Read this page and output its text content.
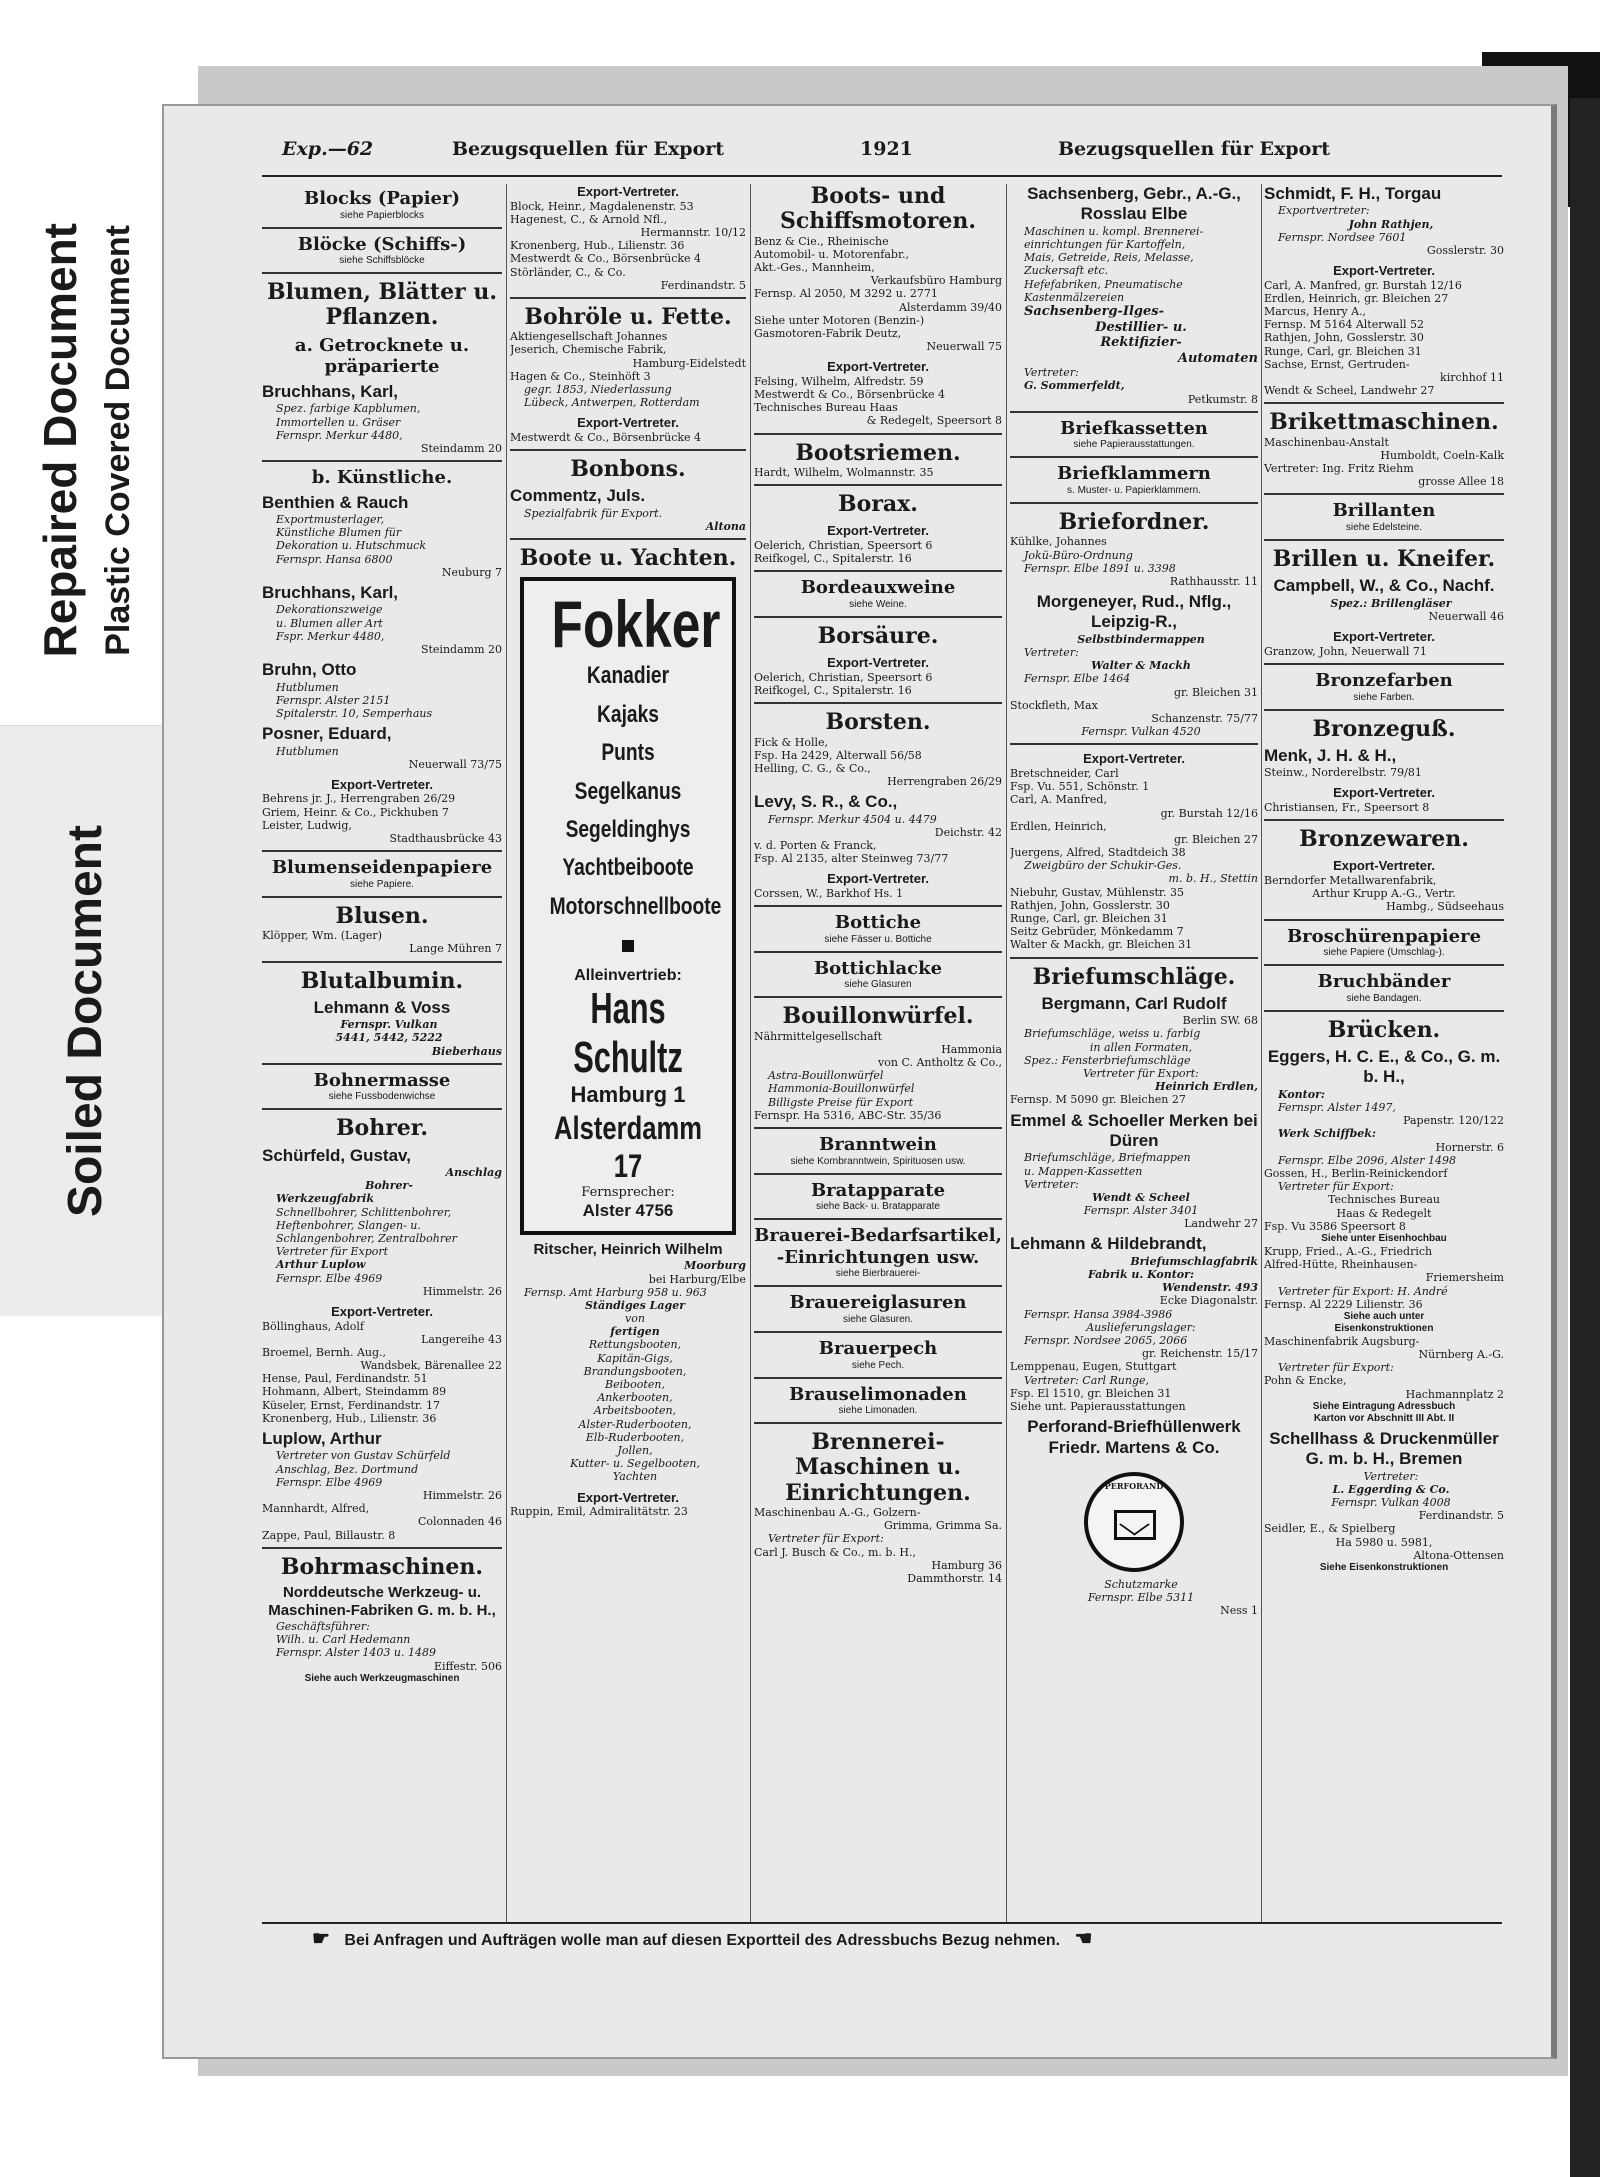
Repaired Document Plastic Covered Document
Soiled Document
Exp.—62	Bezugsquellen für Export	1921	Bezugsquellen für Export
Blocks (Papier)
siehe Papierblocks
Blöcke (Schiffs-)
siehe Schiffsblöcke
Blumen, Blätter u. Pflanzen.
a. Getrocknete u. präparierte
Bruchhans, Karl,
Spez. farbige Kapblumen,
Immortellen u. Gräser
Fernspr. Merkur 4480,
Steindamm 20
b. Künstliche.
Benthien & Rauch
Exportmusterlager,
Künstliche Blumen für
Dekoration u. Hutschmuck
Fernspr. Hansa 6800
Neuburg 7
Bruchhans, Karl,
Dekorationszweige
u. Blumen aller Art
Fspr. Merkur 4480,
Steindamm 20
Bruhn, Otto
Hutblumen
Fernspr. Alster 2151
Spitalerstr. 10, Semperhaus
Posner, Eduard,
Hutblumen
Neuerwall 73/75
Export-Vertreter.
Behrens jr. J., Herrengraben 26/29
Griem, Heinr. & Co., Pickhuben 7
Leister, Ludwig,
Stadthausbrücke 43
Blumenseidenpapiere
siehe Papiere.
Blusen.
Klöpper, Wm. (Lager)
Lange Mühren 7
Blutalbumin.
Lehmann & Voss
Fernspr. Vulkan
5441, 5442, 5222
Bieberhaus
Bohnermasse
siehe Fussbodenwichse
Bohrer.
Schürfeld, Gustav,
Anschlag
Bohrer-
Werkzeugfabrik
Schnellbohrer, Schlittenbohrer,
Heftenbohrer, Slangen- u.
Schlangenbohrer, Zentralbohrer
Vertreter für Export
Arthur Luplow
Fernspr. Elbe 4969
Himmelstr. 26
Export-Vertreter.
Böllinghaus, Adolf
Langereihe 43
Broemel, Bernh. Aug.,
Wandsbek, Bärenallee 22
Hense, Paul, Ferdinandstr. 51
Hohmann, Albert, Steindamm 89
Küseler, Ernst, Ferdinandstr. 17
Kronenberg, Hub., Lilienstr. 36
Luplow, Arthur
Vertreter von Gustav Schürfeld
Anschlag, Bez. Dortmund
Fernspr. Elbe 4969
Himmelstr. 26
Mannhardt, Alfred,
Colonnaden 46
Zappe, Paul, Billaustr. 8
Bohrmaschinen.
Norddeutsche Werkzeug- u. Maschinen-Fabriken G. m. b. H.,
Geschäftsführer:
Wilh. u. Carl Hedemann
Fernspr. Alster 1403 u. 1489
Eiffestr. 506
Siehe auch Werkzeugmaschinen
Export-Vertreter.
Block, Heinr., Magdalenenstr. 53
Hagenest, C., & Arnold Nfl.,
Hermannstr. 10/12
Kronenberg, Hub., Lilienstr. 36
Mestwerdt & Co., Börsenbrücke 4
Störländer, C., & Co.
Ferdinandstr. 5
Bohröle u. Fette.
Aktiengesellschaft Johannes
Jeserich, Chemische Fabrik,
Hamburg-Eidelstedt
Hagen & Co., Steinhöft 3
gegr. 1853, Niederlassung
Lübeck, Antwerpen, Rotterdam
Export-Vertreter.
Mestwerdt & Co., Börsenbrücke 4
Bonbons.
Commentz, Juls.
Spezialfabrik für Export.
Altona
Boote u. Yachten.
Fokker
Kanadier
Kajaks
Punts
Segelkanus
Segeldinghys
Yachtbeiboote
Motorschnellboote
Alleinvertrieb:
Hans Schultz
Hamburg 1
Alsterdamm 17
Fernsprecher:
Alster 4756
Ritscher, Heinrich Wilhelm
Moorburg
bei Harburg/Elbe
Fernsp. Amt Harburg 958 u. 963
Ständiges Lager
von
fertigen
Rettungsbooten,
Kapitän-Gigs,
Brandungsbooten,
Beibooten,
Ankerbooten,
Arbeitsbooten,
Alster-Ruderbooten,
Elb-Ruderbooten,
Jollen,
Kutter- u. Segelbooten,
Yachten
Export-Vertreter.
Ruppin, Emil, Admiralitätstr. 23
Boots- und Schiffsmotoren.
Benz & Cie., Rheinische
Automobil- u. Motorenfabr.,
Akt.-Ges., Mannheim,
Verkaufsbüro Hamburg
Fernsp. Al 2050, M 3292 u. 2771
Alsterdamm 39/40
Siehe unter Motoren (Benzin-)
Gasmotoren-Fabrik Deutz,
Neuerwall 75
Export-Vertreter.
Felsing, Wilhelm, Alfredstr. 59
Mestwerdt & Co., Börsenbrücke 4
Technisches Bureau Haas
& Redegelt, Speersort 8
Bootsriemen.
Hardt, Wilhelm, Wolmannstr. 35
Borax.
Export-Vertreter.
Oelerich, Christian, Speersort 6
Reifkogel, C., Spitalerstr. 16
Bordeauxweine
siehe Weine.
Borsäure.
Export-Vertreter.
Oelerich, Christian, Speersort 6
Reifkogel, C., Spitalerstr. 16
Borsten.
Fick & Holle,
Fsp. Ha 2429, Alterwall 56/58
Helling, C. G., & Co.,
Herrengraben 26/29
Levy, S. R., & Co.,
Fernspr. Merkur 4504 u. 4479
Deichstr. 42
v. d. Porten & Franck,
Fsp. Al 2135, alter Steinweg 73/77
Export-Vertreter.
Corssen, W., Barkhof Hs. 1
Bottiche
siehe Fässer u. Bottiche
Bottichlacke
siehe Glasuren
Bouillonwürfel.
Nährmittelgesellschaft
Hammonia
von C. Antholtz & Co.,
Astra-Bouillonwürfel
Hammonia-Bouillonwürfel
Billigste Preise für Export
Fernspr. Ha 5316, ABC-Str. 35/36
Branntwein
siehe Kornbranntwein, Spirituosen usw.
Bratapparate
siehe Back- u. Bratapparate
Brauerei-Bedarfsartikel, -Einrichtungen usw.
siehe Bierbrauerei-
Brauereiglasuren
siehe Glasuren.
Brauerpech
siehe Pech.
Brauselimonaden
siehe Limonaden.
Brennerei-Maschinen u. Einrichtungen.
Maschinenbau A.-G., Golzern-
Grimma, Grimma Sa.
Vertreter für Export:
Carl J. Busch & Co., m. b. H.,
Hamburg 36
Dammthorstr. 14
Sachsenberg, Gebr., A.-G., Rosslau Elbe
Maschinen u. kompl. Brennerei-
einrichtungen für Kartoffeln,
Mais, Getreide, Reis, Melasse,
Zuckersaft etc.
Hefefabriken, Pneumatische
Kastenmälzereien
Sachsenberg-Ilges-
Destillier- u.
Rektifizier-
Automaten
Vertreter:
G. Sommerfeldt,
Petkumstr. 8
Briefkassetten
siehe Papierausstattungen.
Briefklammern
s. Muster- u. Papierklammern.
Briefordner.
Kühlke, Johannes
Jokü-Büro-Ordnung
Fernspr. Elbe 1891 u. 3398
Rathhausstr. 11
Morgeneyer, Rud., Nflg., Leipzig-R.,
Selbstbindermappen
Vertreter:
Walter & Mackh
Fernspr. Elbe 1464
gr. Bleichen 31
Stockfleth, Max
Schanzenstr. 75/77
Fernspr. Vulkan 4520
Export-Vertreter.
Bretschneider, Carl
Fsp. Vu. 551, Schönstr. 1
Carl, A. Manfred,
gr. Burstah 12/16
Erdlen, Heinrich,
gr. Bleichen 27
Juergens, Alfred, Stadtdeich 38
Zweigbüro der Schukir-Ges.
m. b. H., Stettin
Niebuhr, Gustav, Mühlenstr. 35
Rathjen, John, Gosslerstr. 30
Runge, Carl, gr. Bleichen 31
Seitz Gebrüder, Mönkedamm 7
Walter & Mackh, gr. Bleichen 31
Briefumschläge.
Bergmann, Carl Rudolf
Berlin SW. 68
Briefumschläge, weiss u. farbig
in allen Formaten,
Spez.: Fensterbriefumschläge
Vertreter für Export:
Heinrich Erdlen,
Fernsp. M 5090 gr. Bleichen 27
Emmel & Schoeller Merken bei Düren
Briefumschläge, Briefmappen
u. Mappen-Kassetten
Vertreter:
Wendt & Scheel
Fernspr. Alster 3401
Landwehr 27
Lehmann & Hildebrandt,
Briefumschlagfabrik
Fabrik u. Kontor:
Wendenstr. 493
Ecke Diagonalstr.
Fernspr. Hansa 3984-3986
Auslieferungslager:
Fernspr. Nordsee 2065, 2066
gr. Reichenstr. 15/17
Lemppenau, Eugen, Stuttgart
Vertreter: Carl Runge,
Fsp. El 1510, gr. Bleichen 31
Siehe unt. Papierausstattungen
Perforand-Briefhüllenwerk Friedr. Martens & Co.
PERFORAND
Schutzmarke
Fernspr. Elbe 5311
Ness 1
Schmidt, F. H., Torgau
Exportvertreter:
John Rathjen,
Fernspr. Nordsee 7601
Gosslerstr. 30
Export-Vertreter.
Carl, A. Manfred, gr. Burstah 12/16
Erdlen, Heinrich, gr. Bleichen 27
Marcus, Henry A.,
Fernsp. M 5164 Alterwall 52
Rathjen, John, Gosslerstr. 30
Runge, Carl, gr. Bleichen 31
Sachse, Ernst, Gertruden-
kirchhof 11
Wendt & Scheel, Landwehr 27
Brikettmaschinen.
Maschinenbau-Anstalt
Humboldt, Coeln-Kalk
Vertreter: Ing. Fritz Riehm
grosse Allee 18
Brillanten
siehe Edelsteine.
Brillen u. Kneifer.
Campbell, W., & Co., Nachf.
Spez.: Brillengläser
Neuerwall 46
Export-Vertreter.
Granzow, John, Neuerwall 71
Bronzefarben
siehe Farben.
Bronzeguß.
Menk, J. H. & H.,
Steinw., Norderelbstr. 79/81
Export-Vertreter.
Christiansen, Fr., Speersort 8
Bronzewaren.
Export-Vertreter.
Berndorfer Metallwarenfabrik,
Arthur Krupp A.-G., Vertr.
Hambg., Südseehaus
Broschürenpapiere
siehe Papiere (Umschlag-).
Bruchbänder
siehe Bandagen.
Brücken.
Eggers, H. C. E., & Co., G. m. b. H.,
Kontor:
Fernspr. Alster 1497,
Papenstr. 120/122
Werk Schiffbek:
Hornerstr. 6
Fernspr. Elbe 2096, Alster 1498
Gossen, H., Berlin-Reinickendorf
Vertreter für Export:
Technisches Bureau
Haas & Redegelt
Fsp. Vu 3586 Speersort 8
Siehe unter Eisenhochbau
Krupp, Fried., A.-G., Friedrich
Alfred-Hütte, Rheinhausen-
Friemersheim
Vertreter für Export: H. André
Fernsp. Al 2229 Lilienstr. 36
Siehe auch unter
Eisenkonstruktionen
Maschinenfabrik Augsburg-
Nürnberg A.-G.
Vertreter für Export:
Pohn & Encke,
Hachmannplatz 2
Siehe Eintragung Adressbuch
Karton vor Abschnitt III Abt. II
Schellhass & Druckenmüller G. m. b. H., Bremen
Vertreter:
L. Eggerding & Co.
Fernspr. Vulkan 4008
Ferdinandstr. 5
Seidler, E., & Spielberg
Ha 5980 u. 5981,
Altona-Ottensen
Siehe Eisenkonstruktionen
☛ Bei Anfragen und Aufträgen wolle man auf diesen Exportteil des Adressbuchs Bezug nehmen. ☚
